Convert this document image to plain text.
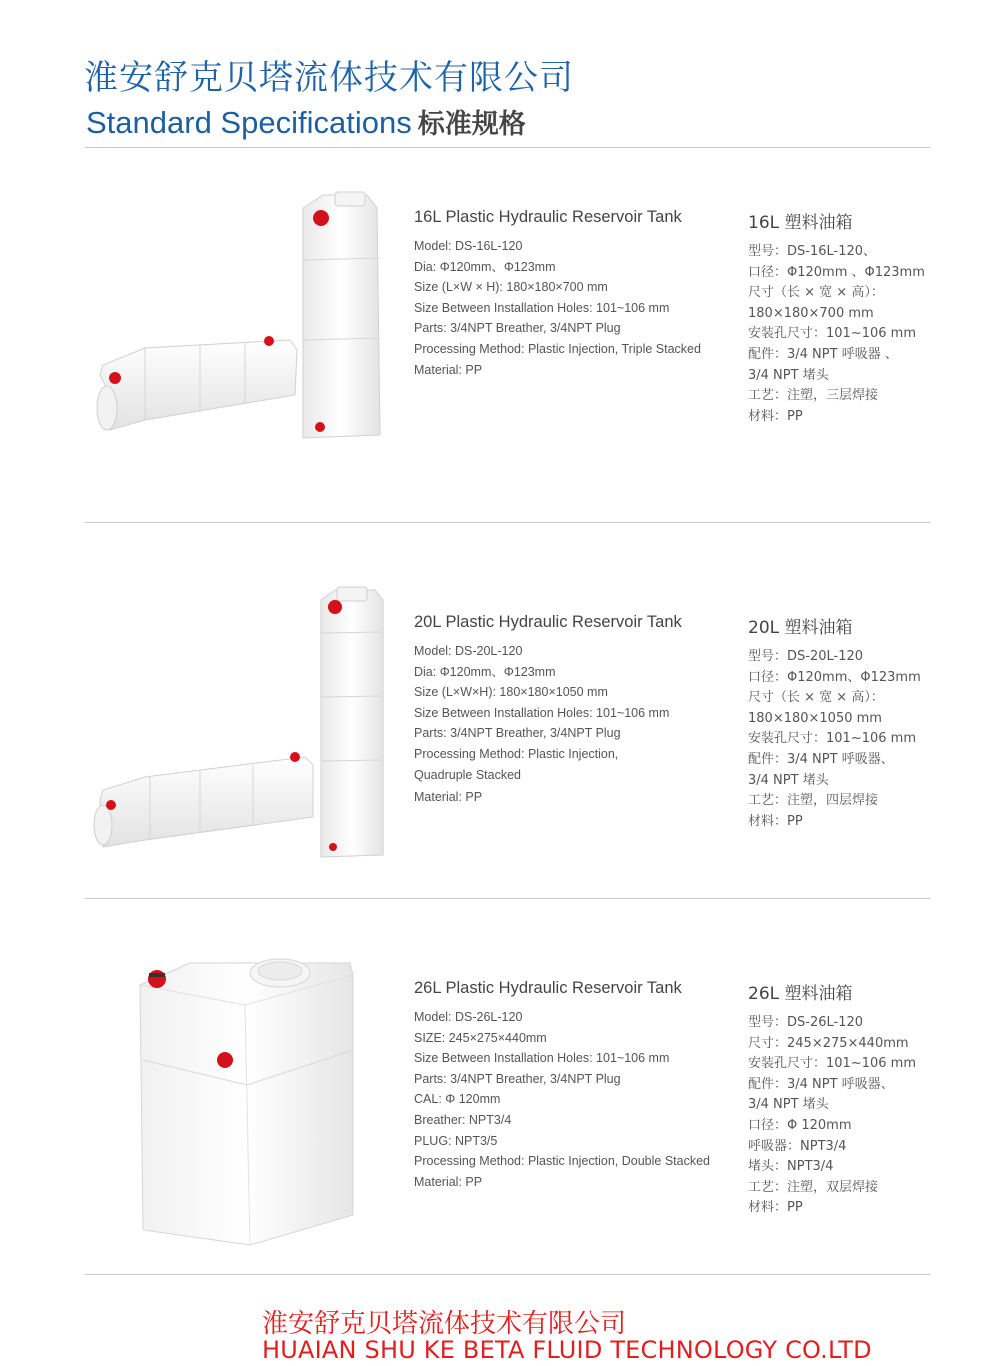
淮安舒克贝塔流体技术有限公司
Standard Specifications 标准规格
16L Plastic Hydraulic Reservoir Tank
Model: DS-16L-120
Dia: Φ120mm、Φ123mm
Size (L×W × H): 180×180×700 mm
Size Between Installation Holes: 101~106 mm
Parts: 3/4NPT Breather, 3/4NPT Plug
Processing Method: Plastic Injection, Triple Stacked
Material: PP
16L 塑料油箱
型号：DS-16L-120、
口径：Φ120mm 、Φ123mm
尺寸（长 × 宽 × 高）：
180×180×700 mm
安装孔尺寸：101~106 mm
配件：3/4 NPT 呼吸器 、
3/4 NPT 堵头
工艺：注塑，三层焊接
材料：PP
20L Plastic Hydraulic Reservoir Tank
Model: DS-20L-120
Dia: Φ120mm、Φ123mm
Size (L×W×H): 180×180×1050 mm
Size Between Installation Holes: 101~106 mm
Parts: 3/4NPT Breather, 3/4NPT Plug
Processing Method: Plastic Injection,
Quadruple Stacked
Material: PP
20L 塑料油箱
型号：DS-20L-120
口径：Φ120mm、Φ123mm
尺寸（长 × 宽 × 高）：
180×180×1050 mm
安装孔尺寸：101~106 mm
配件：3/4 NPT 呼吸器、
3/4 NPT 堵头
工艺：注塑，四层焊接
材料：PP
26L Plastic Hydraulic Reservoir Tank
Model: DS-26L-120
SIZE: 245×275×440mm
Size Between Installation Holes: 101~106 mm
Parts: 3/4NPT Breather, 3/4NPT Plug
CAL: Φ 120mm
Breather: NPT3/4
PLUG: NPT3/5
Processing Method: Plastic Injection, Double Stacked
Material: PP
26L 塑料油箱
型号：DS-26L-120
尺寸：245×275×440mm
安装孔尺寸：101~106 mm
配件：3/4 NPT 呼吸器、
3/4 NPT 堵头
口径：Φ 120mm
呼吸器：NPT3/4
堵头：NPT3/4
工艺：注塑，双层焊接
材料：PP
淮安舒克贝塔流体技术有限公司
HUAIAN SHU KE BETA FLUID TECHNOLOGY CO.LTD
